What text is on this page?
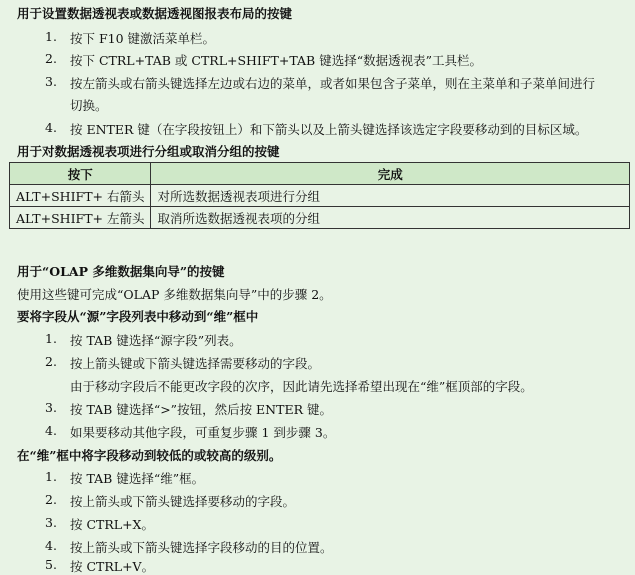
用于设置数据透视表或数据透视图报表布局的按键
1. 按下 F10 键激活菜单栏。
2. 按下 CTRL+TAB 或 CTRL+SHIFT+TAB 键选择“数据透视表”工具栏。
3. 按左箭头或右箭头键选择左边或右边的菜单，或者如果包含子菜单，则在主菜单和子菜单间进行
切换。
4. 按 ENTER 键（在字段按钮上）和下箭头以及上箭头键选择该选定字段要移动到的目标区域。
用于对数据透视表项进行分组或取消分组的按键
按下	完成
ALT+SHIFT+ 右箭头	对所选数据透视表项进行分组
ALT+SHIFT+ 左箭头	取消所选数据透视表项的分组
用于“OLAP 多维数据集向导”的按键
使用这些键可完成“OLAP 多维数据集向导”中的步骤 2。
要将字段从“源”字段列表中移动到“维”框中
1. 按 TAB 键选择“源字段”列表。
2. 按上箭头键或下箭头键选择需要移动的字段。
由于移动字段后不能更改字段的次序，因此请先选择希望出现在“维”框顶部的字段。
3. 按 TAB 键选择“>”按钮，然后按 ENTER 键。
4. 如果要移动其他字段，可重复步骤 1 到步骤 3。
在“维”框中将字段移动到较低的或较高的级别。
1. 按 TAB 键选择“维”框。
2. 按上箭头或下箭头键选择要移动的字段。
3. 按 CTRL+X。
4. 按上箭头或下箭头键选择字段移动的目的位置。
5. 按 CTRL+V。
